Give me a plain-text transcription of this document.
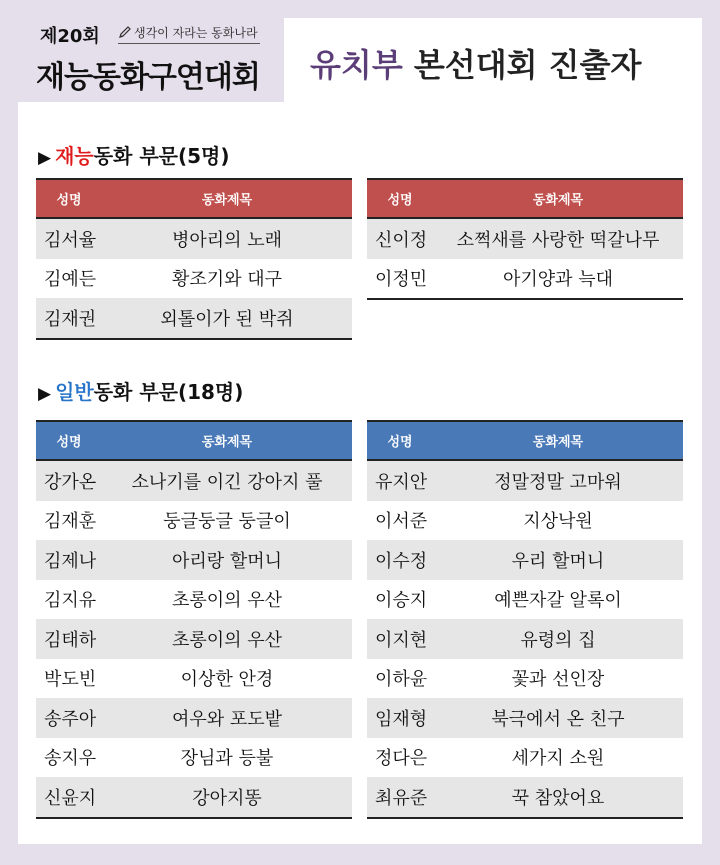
제20회	생각이 자라는 동화나라
재능동화구연대회 유치부 본선대회 진출자
▶ 재능동화 부문(5명)
성명	동화제목
김서율	병아리의 노래
김예든	황조기와 대구
김재권	외톨이가 된 박쥐
성명	동화제목
신이정	소쩍새를 사랑한 떡갈나무
이정민	아기양과 늑대
▶ 일반동화 부문(18명)
성명	동화제목
강가온	소나기를 이긴 강아지 풀
김재훈	둥글둥글 둥글이
김제나	아리랑 할머니
김지유	초롱이의 우산
김태하	초롱이의 우산
박도빈	이상한 안경
송주아	여우와 포도밭
송지우	장님과 등불
신윤지	강아지똥
성명	동화제목
유지안	정말정말 고마워
이서준	지상낙원
이수정	우리 할머니
이승지	예쁜자갈 알록이
이지현	유령의 집
이하윤	꽃과 선인장
임재형	북극에서 온 친구
정다은	세가지 소원
최유준	꾹 참았어요
